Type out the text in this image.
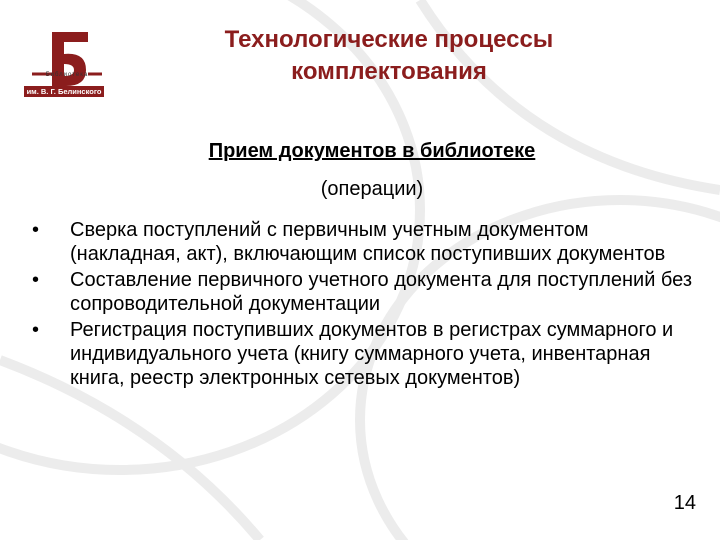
Библиотека
им. В. Г. Белинского
Технологические процессы
комплектования
Прием документов в библиотеке
(операции)
• Сверка поступлений с первичным учетным документом (накладная, акт), включающим список поступивших документов
• Составление первичного учетного документа для поступлений без сопроводительной документации
• Регистрация поступивших документов в регистрах суммарного и индивидуального учета (книгу суммарного учета, инвентарная книга, реестр электронных сетевых документов)
14
